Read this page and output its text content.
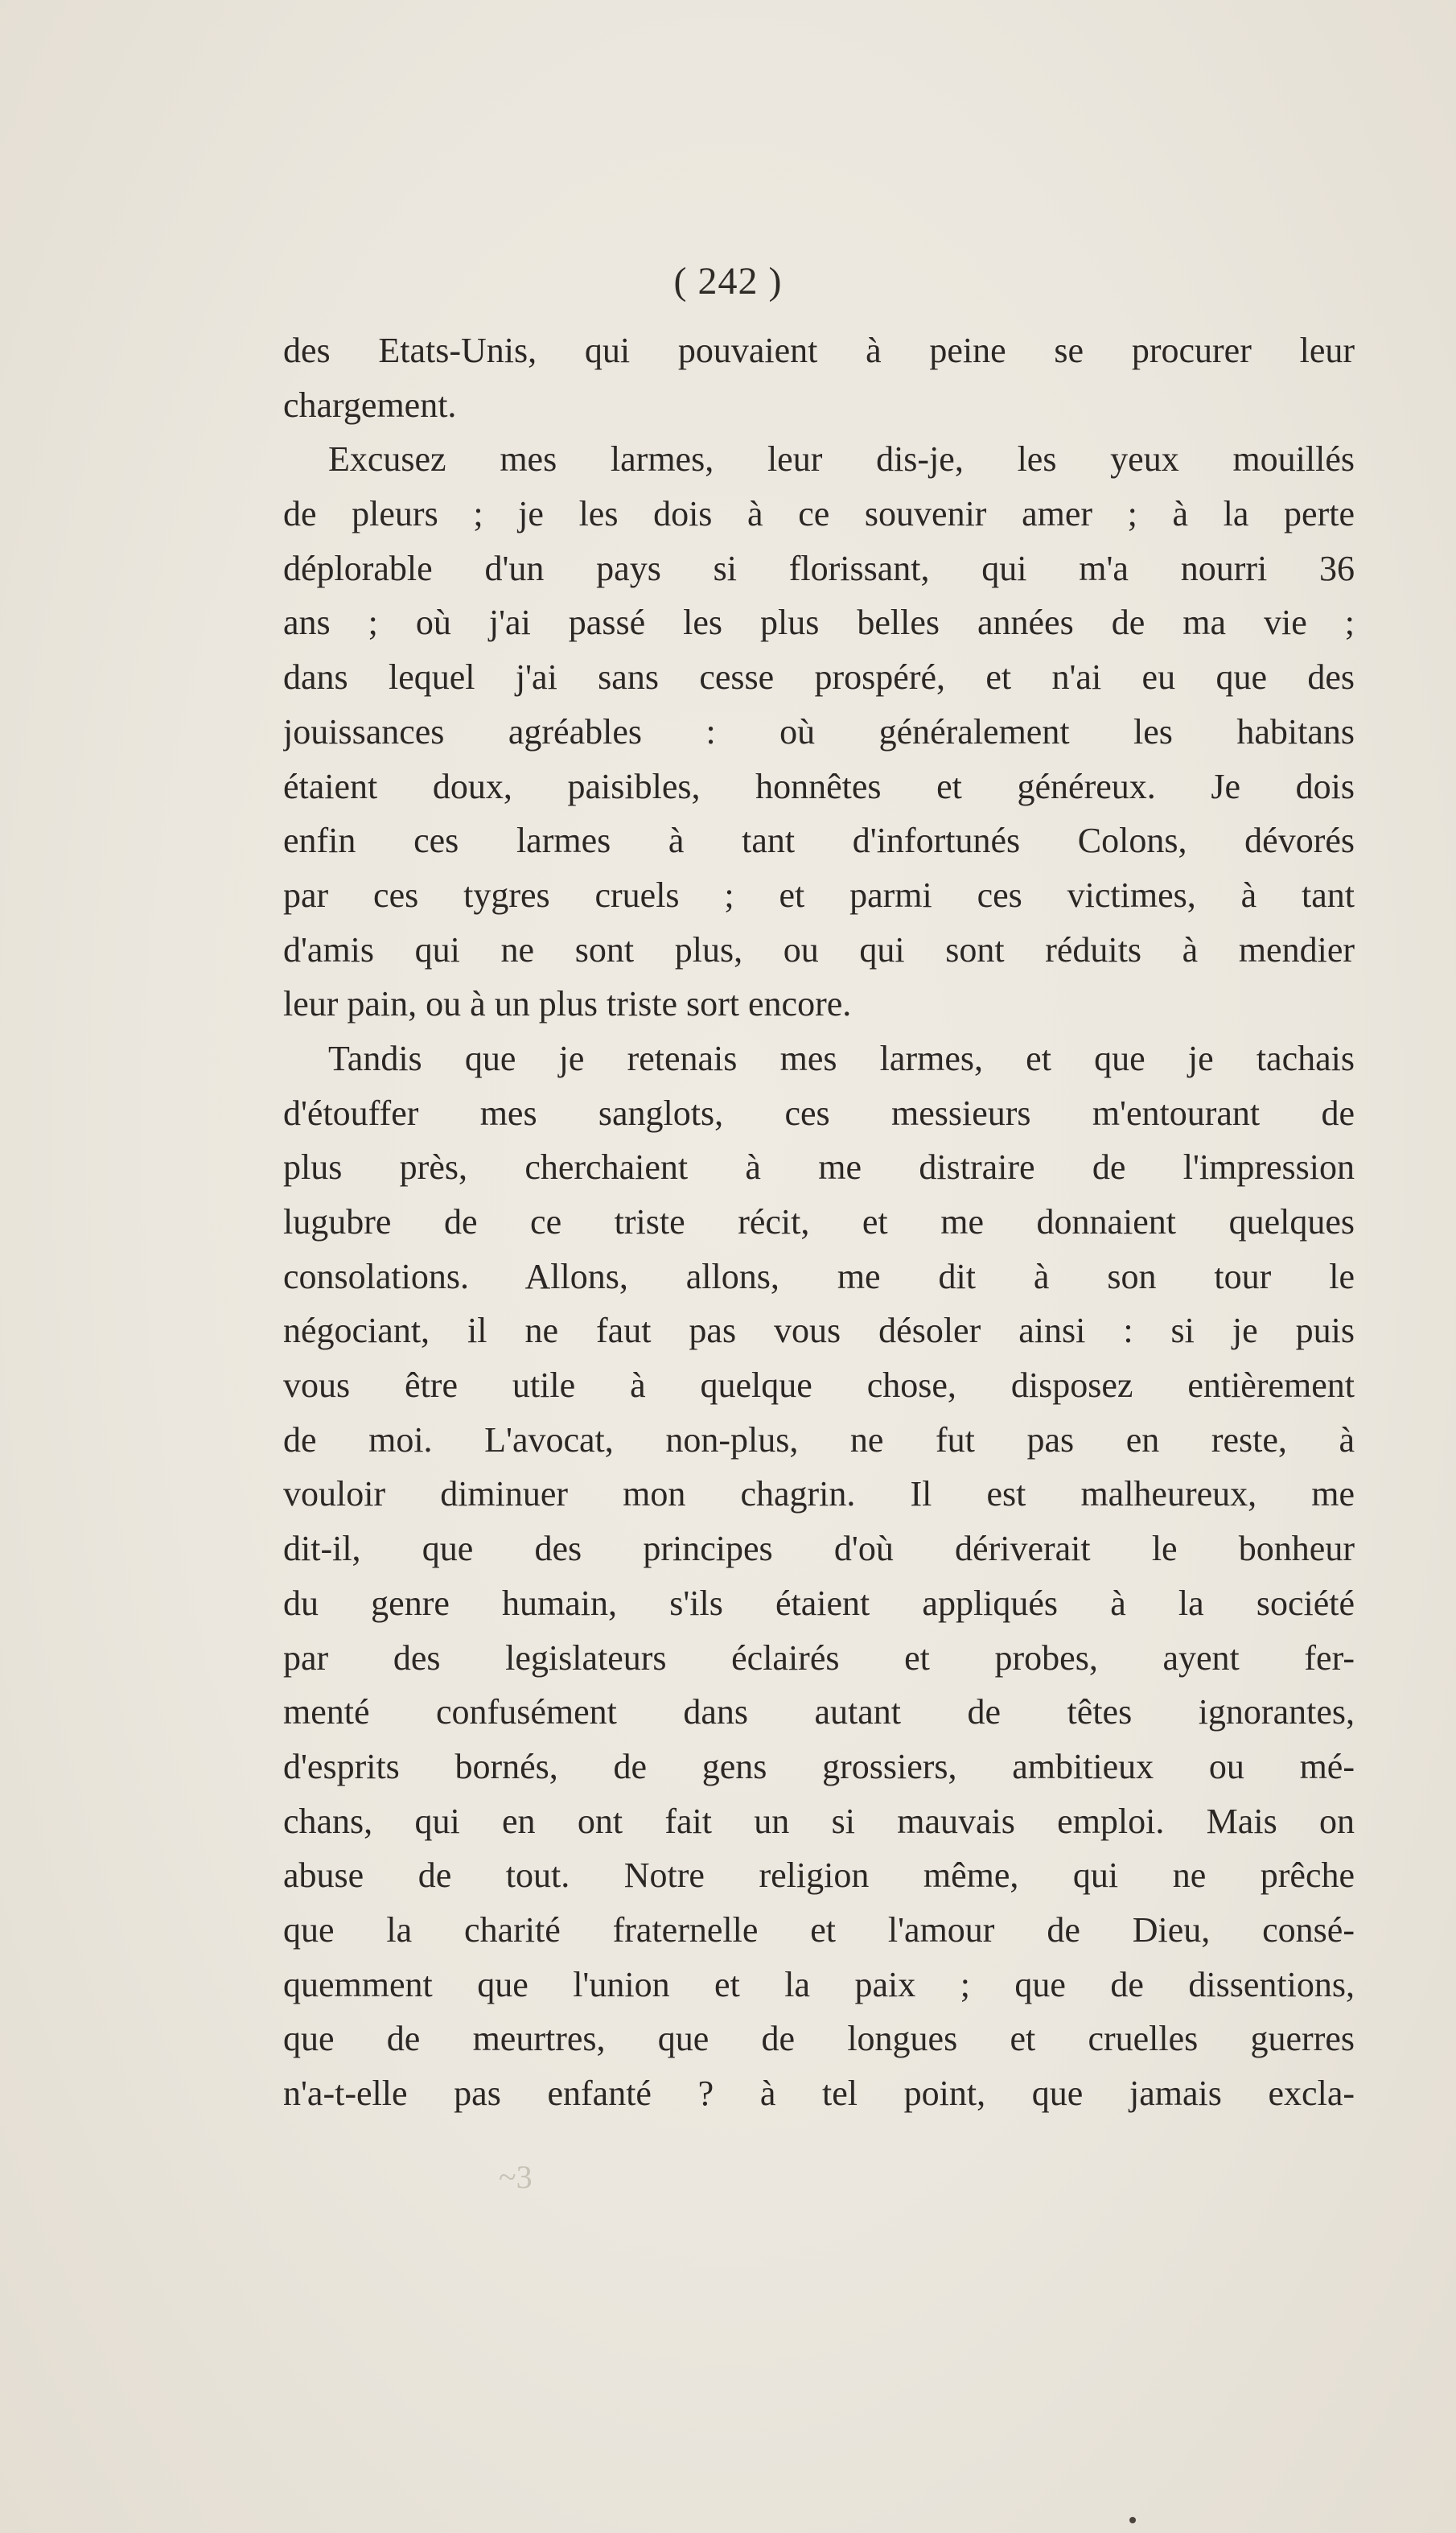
( 242 )
des Etats-Unis, qui pouvaient à peine se procurer leur
chargement.
Excusez mes larmes, leur dis-je, les yeux mouillés
de pleurs ; je les dois à ce souvenir amer ; à la perte
déplorable d'un pays si florissant, qui m'a nourri 36
ans ; où j'ai passé les plus belles années de ma vie ;
dans lequel j'ai sans cesse prospéré, et n'ai eu que des
jouissances agréables : où généralement les habitans
étaient doux, paisibles, honnêtes et généreux. Je dois
enfin ces larmes à tant d'infortunés Colons, dévorés
par ces tygres cruels ; et parmi ces victimes, à tant
d'amis qui ne sont plus, ou qui sont réduits à mendier
leur pain, ou à un plus triste sort encore.
Tandis que je retenais mes larmes, et que je tachais
d'étouffer mes sanglots, ces messieurs m'entourant de
plus près, cherchaient à me distraire de l'impression
lugubre de ce triste récit, et me donnaient quelques
consolations. Allons, allons, me dit à son tour le
négociant, il ne faut pas vous désoler ainsi : si je puis
vous être utile à quelque chose, disposez entièrement
de moi. L'avocat, non-plus, ne fut pas en reste, à
vouloir diminuer mon chagrin. Il est malheureux, me
dit-il, que des principes d'où dériverait le bonheur
du genre humain, s'ils étaient appliqués à la société
par des legislateurs éclairés et probes, ayent fer-
menté confusément dans autant de têtes ignorantes,
d'esprits bornés, de gens grossiers, ambitieux ou mé-
chans, qui en ont fait un si mauvais emploi. Mais on
abuse de tout. Notre religion même, qui ne prêche
que la charité fraternelle et l'amour de Dieu, consé-
quemment que l'union et la paix ; que de dissentions,
que de meurtres, que de longues et cruelles guerres
n'a-t-elle pas enfanté ? à tel point, que jamais excla-
~3
